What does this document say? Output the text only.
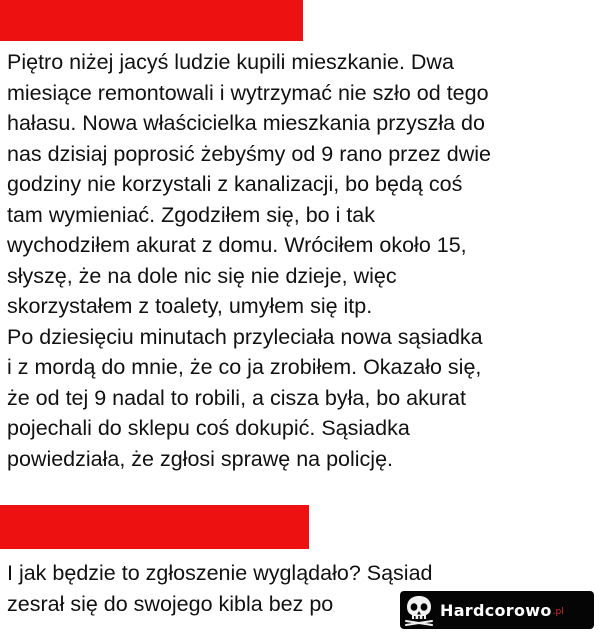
Piętro niżej jacyś ludzie kupili mieszkanie. Dwa
miesiące remontowali i wytrzymać nie szło od tego
hałasu. Nowa właścicielka mieszkania przyszła do
nas dzisiaj poprosić żebyśmy od 9 rano przez dwie
godziny nie korzystali z kanalizacji, bo będą coś
tam wymieniać. Zgodziłem się, bo i tak
wychodziłem akurat z domu. Wróciłem około 15,
słyszę, że na dole nic się nie dzieje, więc
skorzystałem z toalety, umyłem się itp.
Po dziesięciu minutach przyleciała nowa sąsiadka
i z mordą do mnie, że co ja zrobiłem. Okazało się,
że od tej 9 nadal to robili, a cisza była, bo akurat
pojechali do sklepu coś dokupić. Sąsiadka
powiedziała, że zgłosi sprawę na policję.
I jak będzie to zgłoszenie wyglądało? Sąsiad
zesrał się do swojego kibla bez po	Hardcorowo .pl
